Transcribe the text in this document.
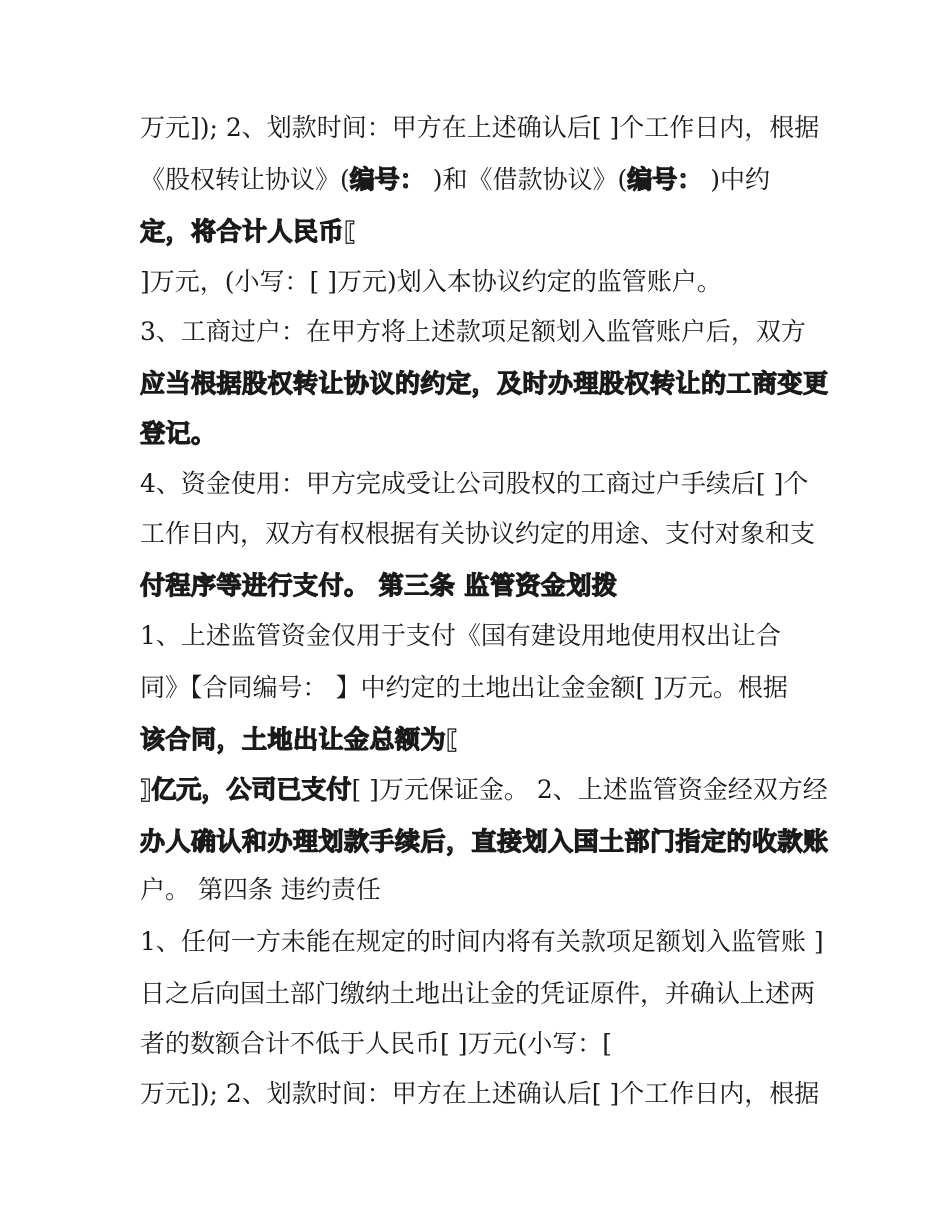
万元]); 2、划款时间：甲方在上述确认后[ ]个工作日内，根据
《股权转让协议》(编号： )和《借款协议》(编号： )中约
定，将合计人民币[
]万元，(小写：[ ]万元)划入本协议约定的监管账户。
3、工商过户：在甲方将上述款项足额划入监管账户后，双方
应当根据股权转让协议的约定，及时办理股权转让的工商变更
登记。
4、资金使用：甲方完成受让公司股权的工商过户手续后[ ]个
工作日内，双方有权根据有关协议约定的用途、支付对象和支
付程序等进行支付。 第三条 监管资金划拨
1、上述监管资金仅用于支付《国有建设用地使用权出让合
同》【合同编号： 】中约定的土地出让金金额[ ]万元。根据
该合同，土地出让金总额为[
]亿元，公司已支付[ ]万元保证金。 2、上述监管资金经双方经
办人确认和办理划款手续后，直接划入国土部门指定的收款账
户。 第四条 违约责任
1、任何一方未能在规定的时间内将有关款项足额划入监管账 ]
日之后向国土部门缴纳土地出让金的凭证原件，并确认上述两
者的数额合计不低于人民币[ ]万元(小写：[
万元]); 2、划款时间：甲方在上述确认后[ ]个工作日内，根据
